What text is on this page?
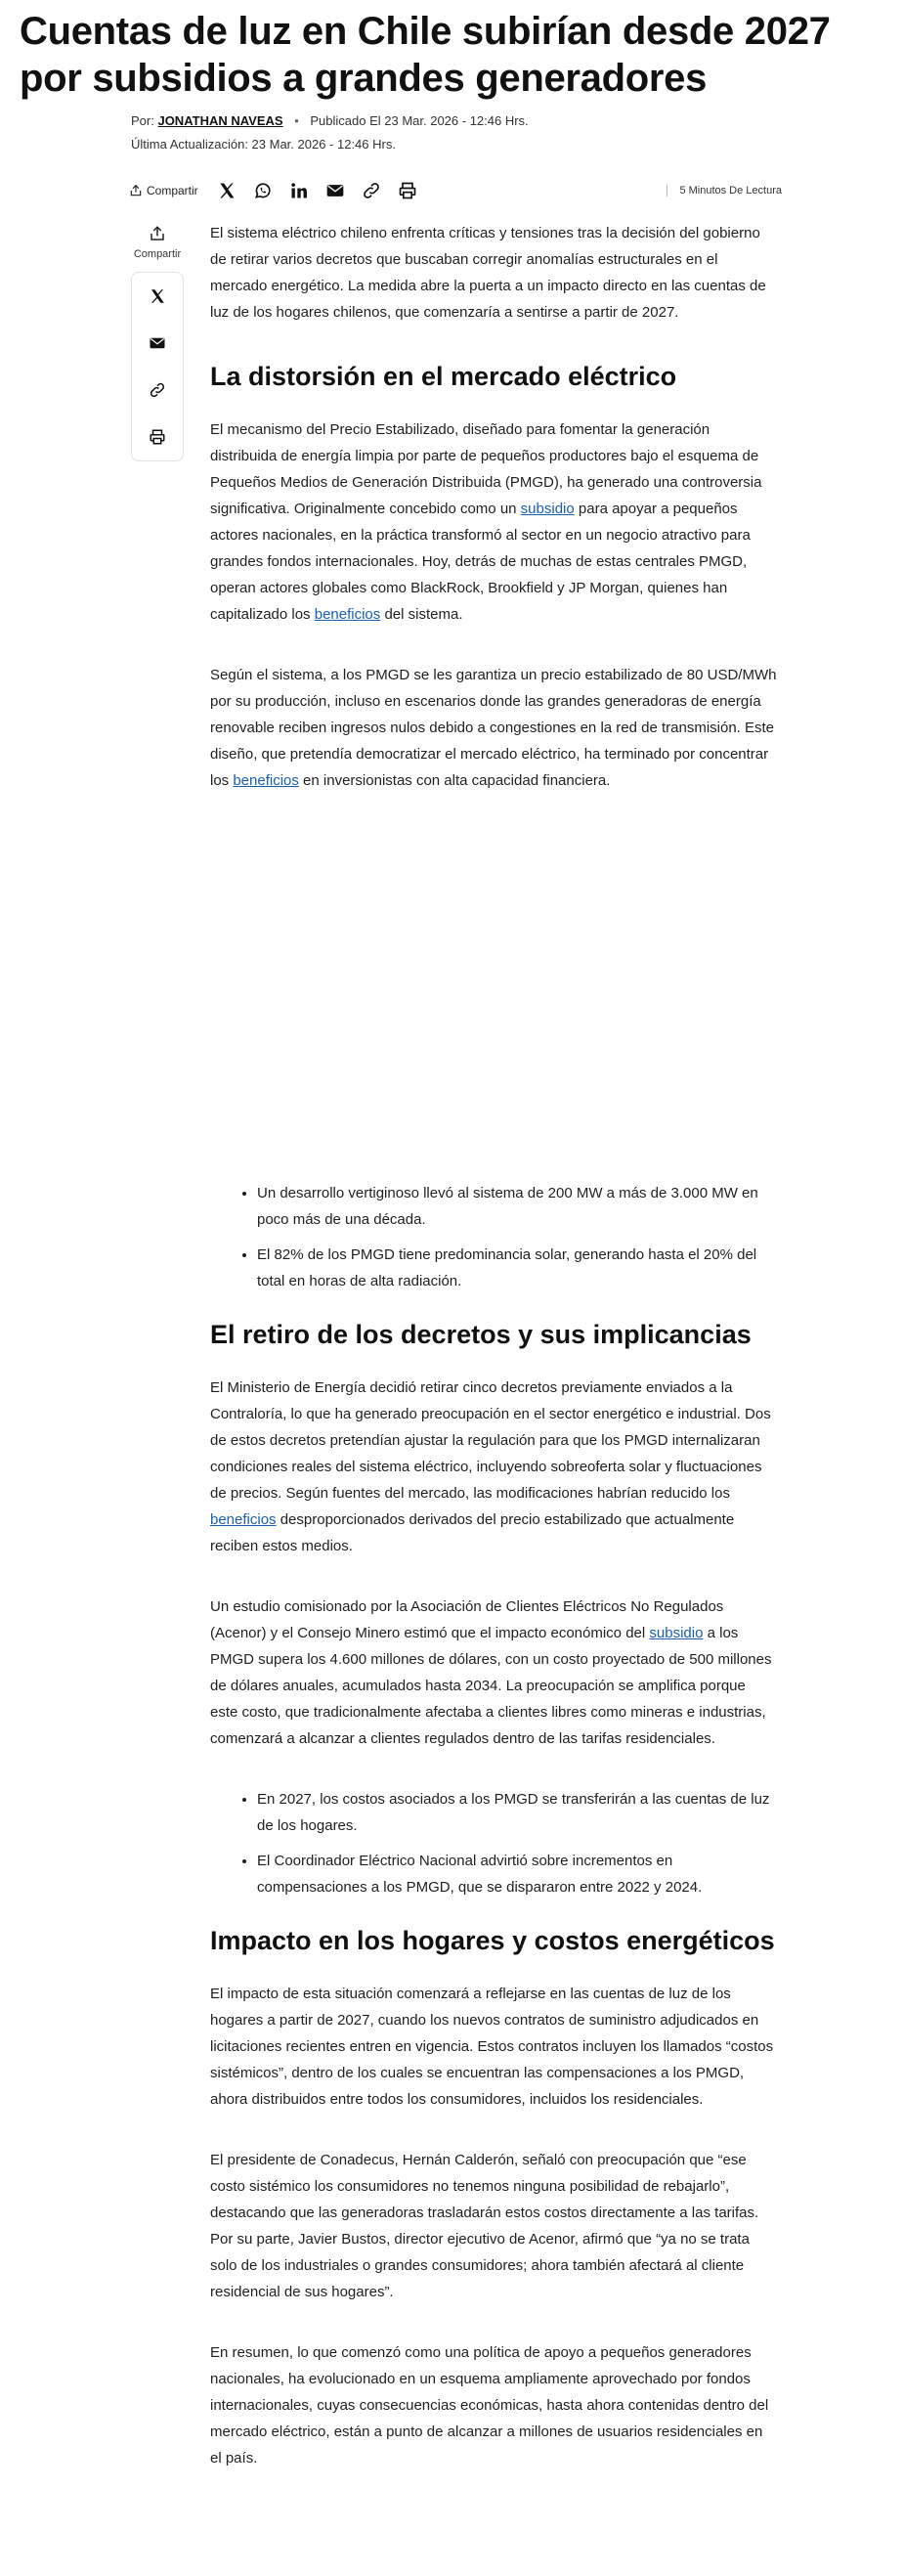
Cuentas de luz en Chile subirían desde 2027 por subsidios a grandes generadores
Por: JONATHAN NAVEAS • Publicado El 23 Mar. 2026 - 12:46 Hrs.
Última Actualización: 23 Mar. 2026 - 12:46 Hrs.
Compartir	5 Minutos De Lectura
Compartir

El sistema eléctrico chileno enfrenta críticas y tensiones tras la decisión del gobierno de retirar varios decretos que buscaban corregir anomalías estructurales en el mercado energético. La medida abre la puerta a un impacto directo en las cuentas de luz de los hogares chilenos, que comenzaría a sentirse a partir de 2027.

La distorsión en el mercado eléctrico

El mecanismo del Precio Estabilizado, diseñado para fomentar la generación distribuida de energía limpia por parte de pequeños productores bajo el esquema de Pequeños Medios de Generación Distribuida (PMGD), ha generado una controversia significativa. Originalmente concebido como un subsidio para apoyar a pequeños actores nacionales, en la práctica transformó al sector en un negocio atractivo para grandes fondos internacionales. Hoy, detrás de muchas de estas centrales PMGD, operan actores globales como BlackRock, Brookfield y JP Morgan, quienes han capitalizado los beneficios del sistema.

Según el sistema, a los PMGD se les garantiza un precio estabilizado de 80 USD/MWh por su producción, incluso en escenarios donde las grandes generadoras de energía renovable reciben ingresos nulos debido a congestiones en la red de transmisión. Este diseño, que pretendía democratizar el mercado eléctrico, ha terminado por concentrar los beneficios en inversionistas con alta capacidad financiera.

• Un desarrollo vertiginoso llevó al sistema de 200 MW a más de 3.000 MW en poco más de una década.
• El 82% de los PMGD tiene predominancia solar, generando hasta el 20% del total en horas de alta radiación.
El retiro de los decretos y sus implicancias

El Ministerio de Energía decidió retirar cinco decretos previamente enviados a la Contraloría, lo que ha generado preocupación en el sector energético e industrial. Dos de estos decretos pretendían ajustar la regulación para que los PMGD internalizaran condiciones reales del sistema eléctrico, incluyendo sobreoferta solar y fluctuaciones de precios. Según fuentes del mercado, las modificaciones habrían reducido los beneficios desproporcionados derivados del precio estabilizado que actualmente reciben estos medios.

Un estudio comisionado por la Asociación de Clientes Eléctricos No Regulados (Acenor) y el Consejo Minero estimó que el impacto económico del subsidio a los PMGD supera los 4.600 millones de dólares, con un costo proyectado de 500 millones de dólares anuales, acumulados hasta 2034. La preocupación se amplifica porque este costo, que tradicionalmente afectaba a clientes libres como mineras e industrias, comenzará a alcanzar a clientes regulados dentro de las tarifas residenciales.

• En 2027, los costos asociados a los PMGD se transferirán a las cuentas de luz de los hogares.
• El Coordinador Eléctrico Nacional advirtió sobre incrementos en compensaciones a los PMGD, que se dispararon entre 2022 y 2024.
Impacto en los hogares y costos energéticos

El impacto de esta situación comenzará a reflejarse en las cuentas de luz de los hogares a partir de 2027, cuando los nuevos contratos de suministro adjudicados en licitaciones recientes entren en vigencia. Estos contratos incluyen los llamados “costos sistémicos”, dentro de los cuales se encuentran las compensaciones a los PMGD, ahora distribuidos entre todos los consumidores, incluidos los residenciales.

El presidente de Conadecus, Hernán Calderón, señaló con preocupación que “ese costo sistémico los consumidores no tenemos ninguna posibilidad de rebajarlo”, destacando que las generadoras trasladarán estos costos directamente a las tarifas. Por su parte, Javier Bustos, director ejecutivo de Acenor, afirmó que “ya no se trata solo de los industriales o grandes consumidores; ahora también afectará al cliente residencial de sus hogares”.

En resumen, lo que comenzó como una política de apoyo a pequeños generadores nacionales, ha evolucionado en un esquema ampliamente aprovechado por fondos internacionales, cuyas consecuencias económicas, hasta ahora contenidas dentro del mercado eléctrico, están a punto de alcanzar a millones de usuarios residenciales en el país.
